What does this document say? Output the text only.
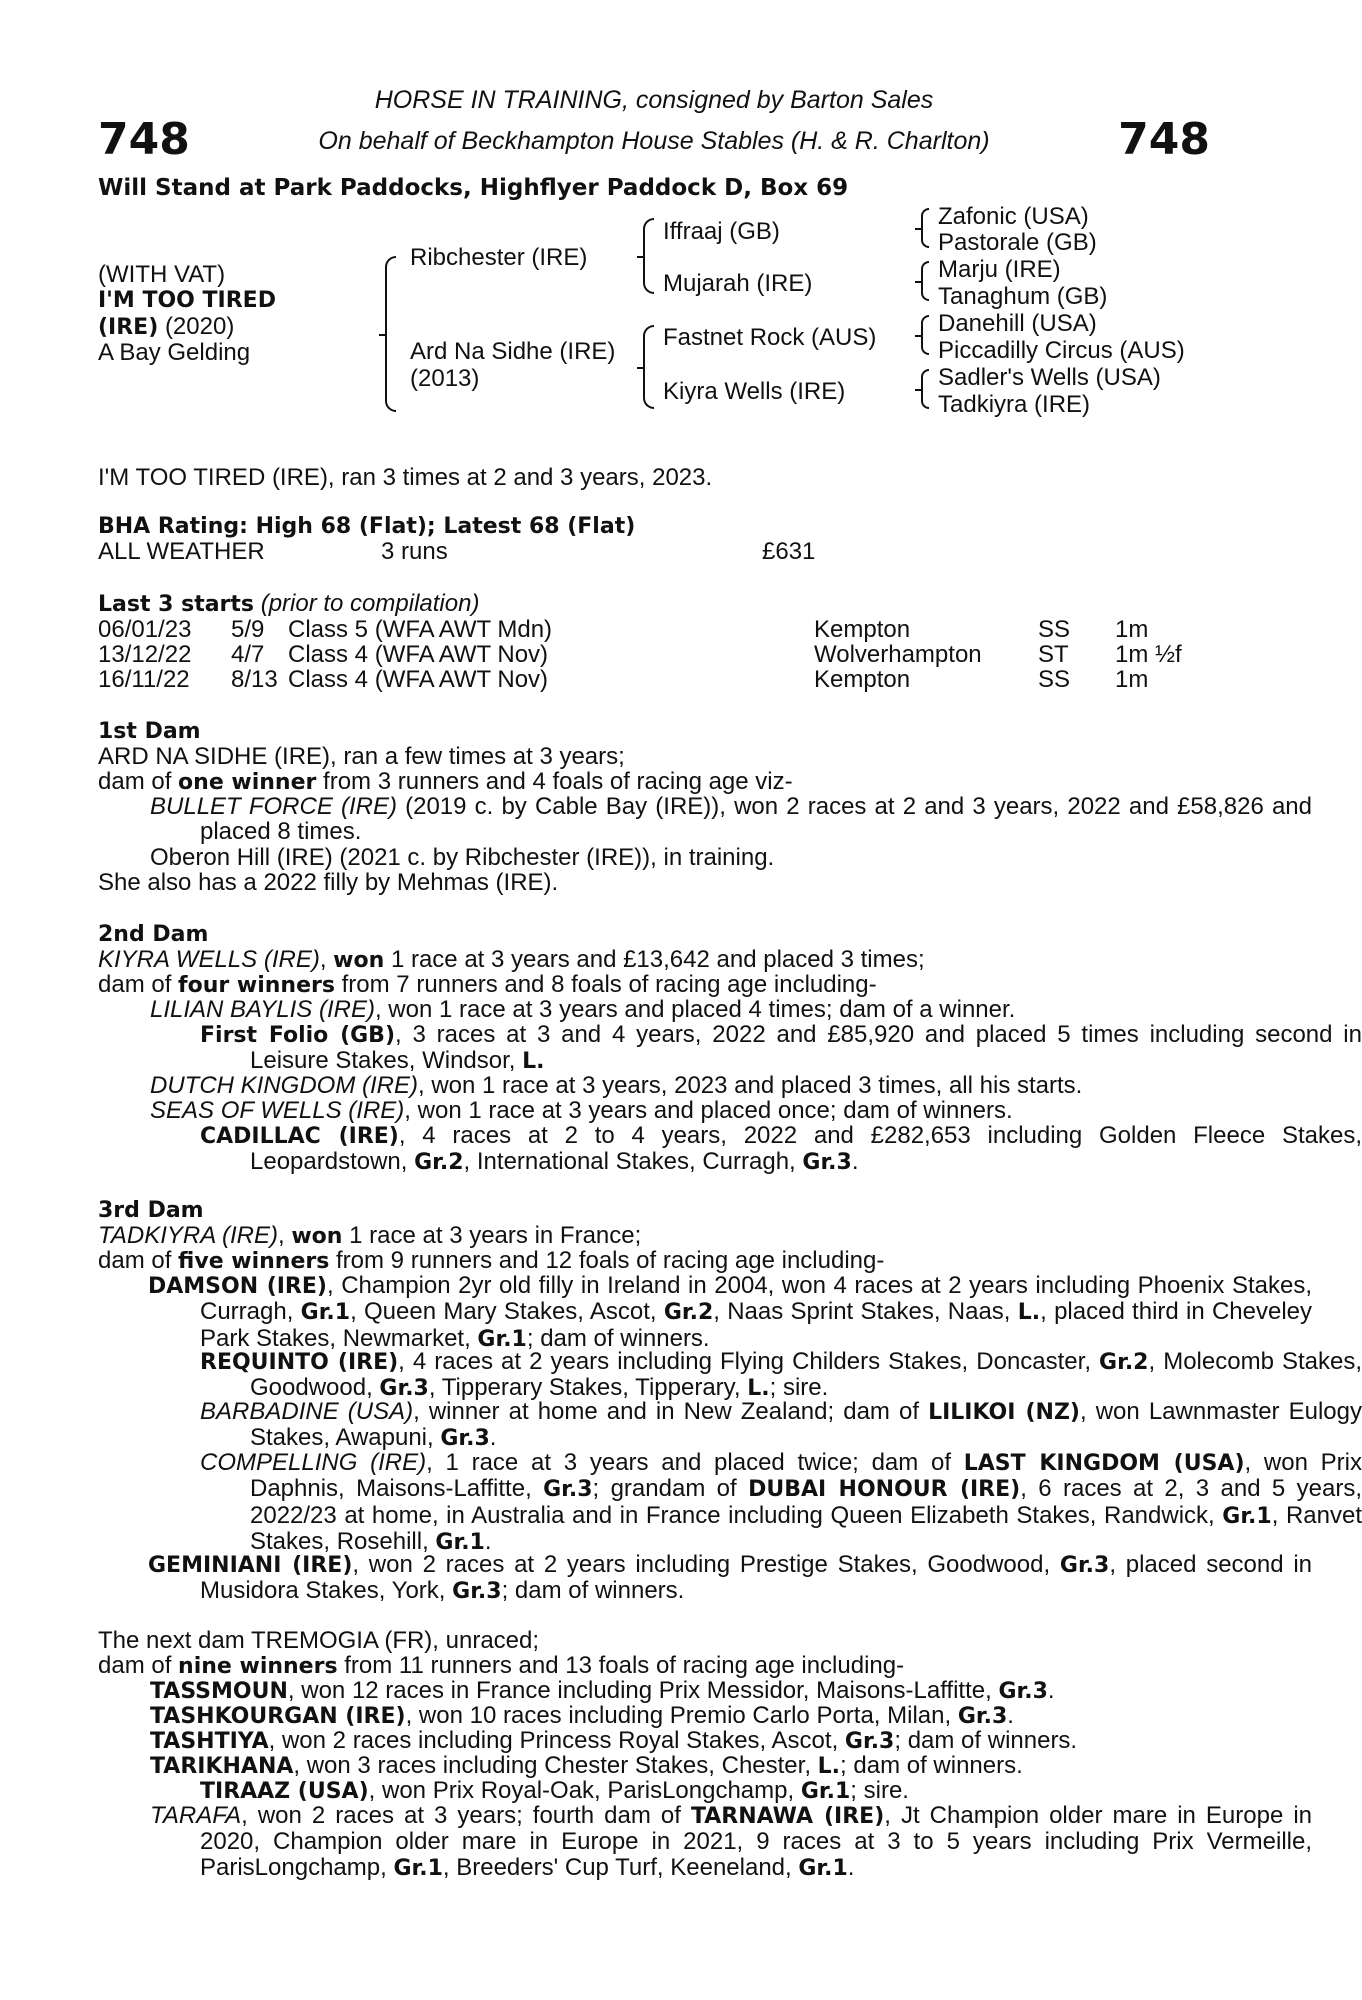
748	748
HORSE IN TRAINING, consigned by Barton Sales
On behalf of Beckhampton House Stables (H. & R. Charlton)
Will Stand at Park Paddocks, Highflyer Paddock D, Box 69
(WITH VAT)
I'M TOO TIRED
(IRE) (2020)
A Bay Gelding
Ribchester (IRE)
Ard Na Sidhe (IRE)
(2013)
Iffraaj (GB)
Mujarah (IRE)
Fastnet Rock (AUS)
Kiyra Wells (IRE)
Zafonic (USA)
Pastorale (GB)
Marju (IRE)
Tanaghum (GB)
Danehill (USA)
Piccadilly Circus (AUS)
Sadler's Wells (USA)
Tadkiyra (IRE)
I'M TOO TIRED (IRE), ran 3 times at 2 and 3 years, 2023.
BHA Rating: High 68 (Flat); Latest 68 (Flat)
ALL WEATHER	3 runs	£631
Last 3 starts (prior to compilation)
06/01/23 5/9 Class 5 (WFA AWT Mdn)	Kempton	SS 1m
13/12/22 4/7 Class 4 (WFA AWT Nov)	Wolverhampton ST 1m ½f
16/11/22 8/13 Class 4 (WFA AWT Nov)	Kempton	SS 1m
1st Dam
ARD NA SIDHE (IRE), ran a few times at 3 years;
dam of one winner from 3 runners and 4 foals of racing age viz-
BULLET FORCE (IRE) (2019 c. by Cable Bay (IRE)), won 2 races at 2 and 3 years, 2022 and £58,826 and placed 8 times.
Oberon Hill (IRE) (2021 c. by Ribchester (IRE)), in training.
She also has a 2022 filly by Mehmas (IRE).
2nd Dam
KIYRA WELLS (IRE), won 1 race at 3 years and £13,642 and placed 3 times;
dam of four winners from 7 runners and 8 foals of racing age including-
LILIAN BAYLIS (IRE), won 1 race at 3 years and placed 4 times; dam of a winner.
First Folio (GB), 3 races at 3 and 4 years, 2022 and £85,920 and placed 5 times including second in Leisure Stakes, Windsor, L.
DUTCH KINGDOM (IRE), won 1 race at 3 years, 2023 and placed 3 times, all his starts.
SEAS OF WELLS (IRE), won 1 race at 3 years and placed once; dam of winners.
CADILLAC (IRE), 4 races at 2 to 4 years, 2022 and £282,653 including Golden Fleece Stakes, Leopardstown, Gr.2, International Stakes, Curragh, Gr.3.
3rd Dam
TADKIYRA (IRE), won 1 race at 3 years in France;
dam of five winners from 9 runners and 12 foals of racing age including-
DAMSON (IRE), Champion 2yr old filly in Ireland in 2004, won 4 races at 2 years including Phoenix Stakes, Curragh, Gr.1, Queen Mary Stakes, Ascot, Gr.2, Naas Sprint Stakes, Naas, L., placed third in Cheveley Park Stakes, Newmarket, Gr.1; dam of winners.
REQUINTO (IRE), 4 races at 2 years including Flying Childers Stakes, Doncaster, Gr.2, Molecomb Stakes, Goodwood, Gr.3, Tipperary Stakes, Tipperary, L.; sire.
BARBADINE (USA), winner at home and in New Zealand; dam of LILIKOI (NZ), won Lawnmaster Eulogy Stakes, Awapuni, Gr.3.
COMPELLING (IRE), 1 race at 3 years and placed twice; dam of LAST KINGDOM (USA), won Prix Daphnis, Maisons-Laffitte, Gr.3; grandam of DUBAI HONOUR (IRE), 6 races at 2, 3 and 5 years, 2022/23 at home, in Australia and in France including Queen Elizabeth Stakes, Randwick, Gr.1, Ranvet Stakes, Rosehill, Gr.1.
GEMINIANI (IRE), won 2 races at 2 years including Prestige Stakes, Goodwood, Gr.3, placed second in Musidora Stakes, York, Gr.3; dam of winners.
The next dam TREMOGIA (FR), unraced;
dam of nine winners from 11 runners and 13 foals of racing age including-
TASSMOUN, won 12 races in France including Prix Messidor, Maisons-Laffitte, Gr.3.
TASHKOURGAN (IRE), won 10 races including Premio Carlo Porta, Milan, Gr.3.
TASHTIYA, won 2 races including Princess Royal Stakes, Ascot, Gr.3; dam of winners.
TARIKHANA, won 3 races including Chester Stakes, Chester, L.; dam of winners.
TIRAAZ (USA), won Prix Royal-Oak, ParisLongchamp, Gr.1; sire.
TARAFA, won 2 races at 3 years; fourth dam of TARNAWA (IRE), Jt Champion older mare in Europe in 2020, Champion older mare in Europe in 2021, 9 races at 3 to 5 years including Prix Vermeille, ParisLongchamp, Gr.1, Breeders' Cup Turf, Keeneland, Gr.1.
